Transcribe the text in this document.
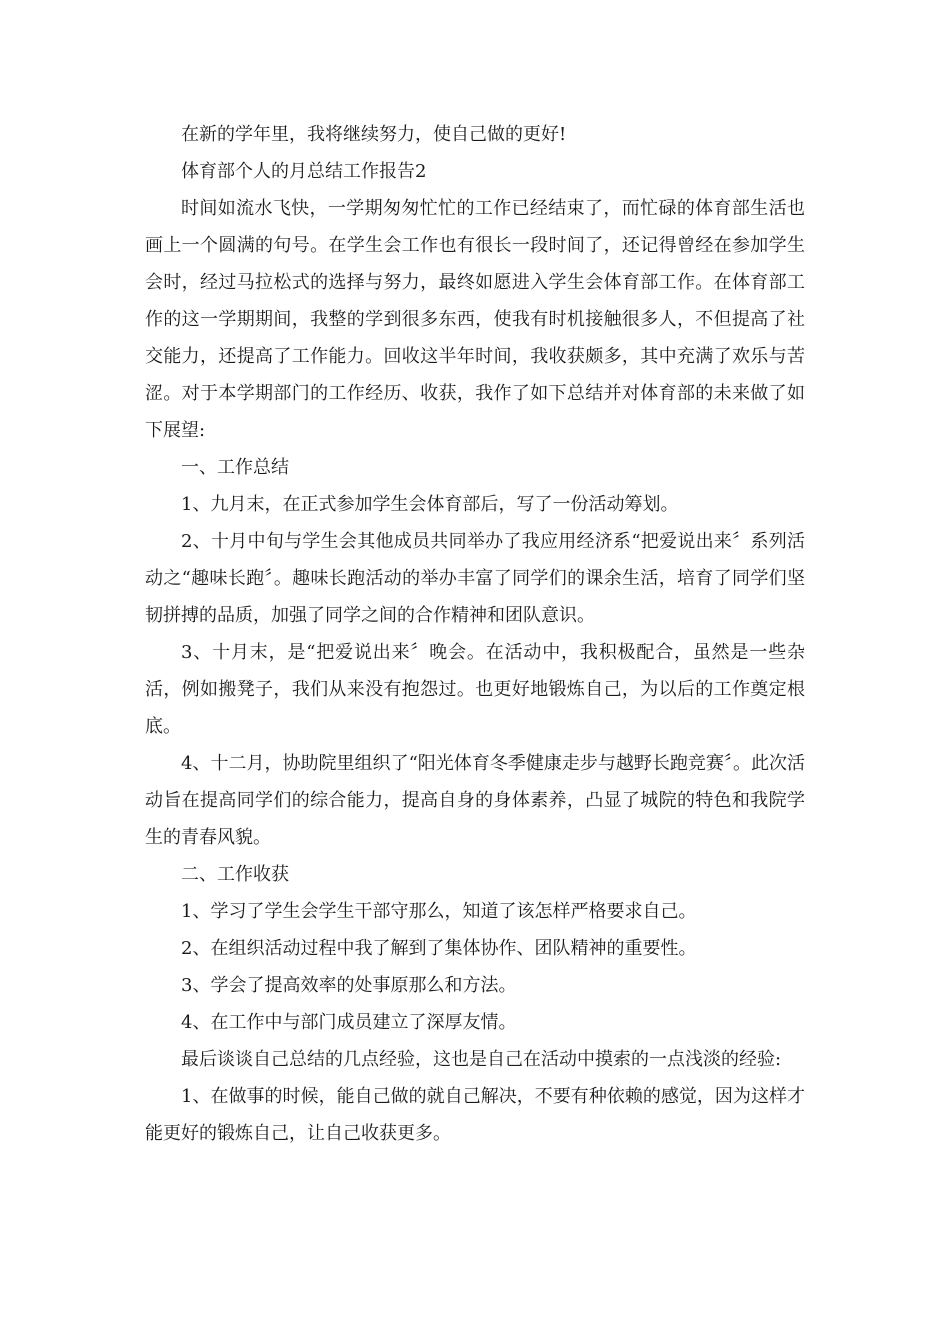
在新的学年里，我将继续努力，使自己做的更好!

体育部个人的月总结工作报告2

时间如流水飞快，一学期匆匆忙忙的工作已经结束了，而忙碌的体育部生活也画上一个圆满的句号。在学生会工作也有很长一段时间了，还记得曾经在参加学生会时，经过马拉松式的选择与努力，最终如愿进入学生会体育部工作。在体育部工作的这一学期期间，我整的学到很多东西，使我有时机接触很多人，不但提高了社交能力，还提高了工作能力。回收这半年时间，我收获颇多，其中充满了欢乐与苦涩。对于本学期部门的工作经历、收获，我作了如下总结并对体育部的未来做了如下展望:

一、工作总结

1、九月末，在正式参加学生会体育部后，写了一份活动筹划。

2、十月中旬与学生会其他成员共同举办了我应用经济系“把爱说出来〞系列活动之“趣味长跑〞。趣味长跑活动的举办丰富了同学们的课余生活，培育了同学们坚韧拼搏的品质，加强了同学之间的合作精神和团队意识。

3、十月末，是“把爱说出来〞晚会。在活动中，我积极配合，虽然是一些杂活，例如搬凳子，我们从来没有抱怨过。也更好地锻炼自己，为以后的工作奠定根底。

4、十二月，协助院里组织了“阳光体育冬季健康走步与越野长跑竞赛〞。此次活动旨在提高同学们的综合能力，提高自身的身体素养，凸显了城院的特色和我院学生的青春风貌。

二、工作收获

1、学习了学生会学生干部守那么，知道了该怎样严格要求自己。

2、在组织活动过程中我了解到了集体协作、团队精神的重要性。

3、学会了提高效率的处事原那么和方法。

4、在工作中与部门成员建立了深厚友情。

最后谈谈自己总结的几点经验，这也是自己在活动中摸索的一点浅淡的经验:

1、在做事的时候，能自己做的就自己解决，不要有种依赖的感觉，因为这样才能更好的锻炼自己，让自己收获更多。
